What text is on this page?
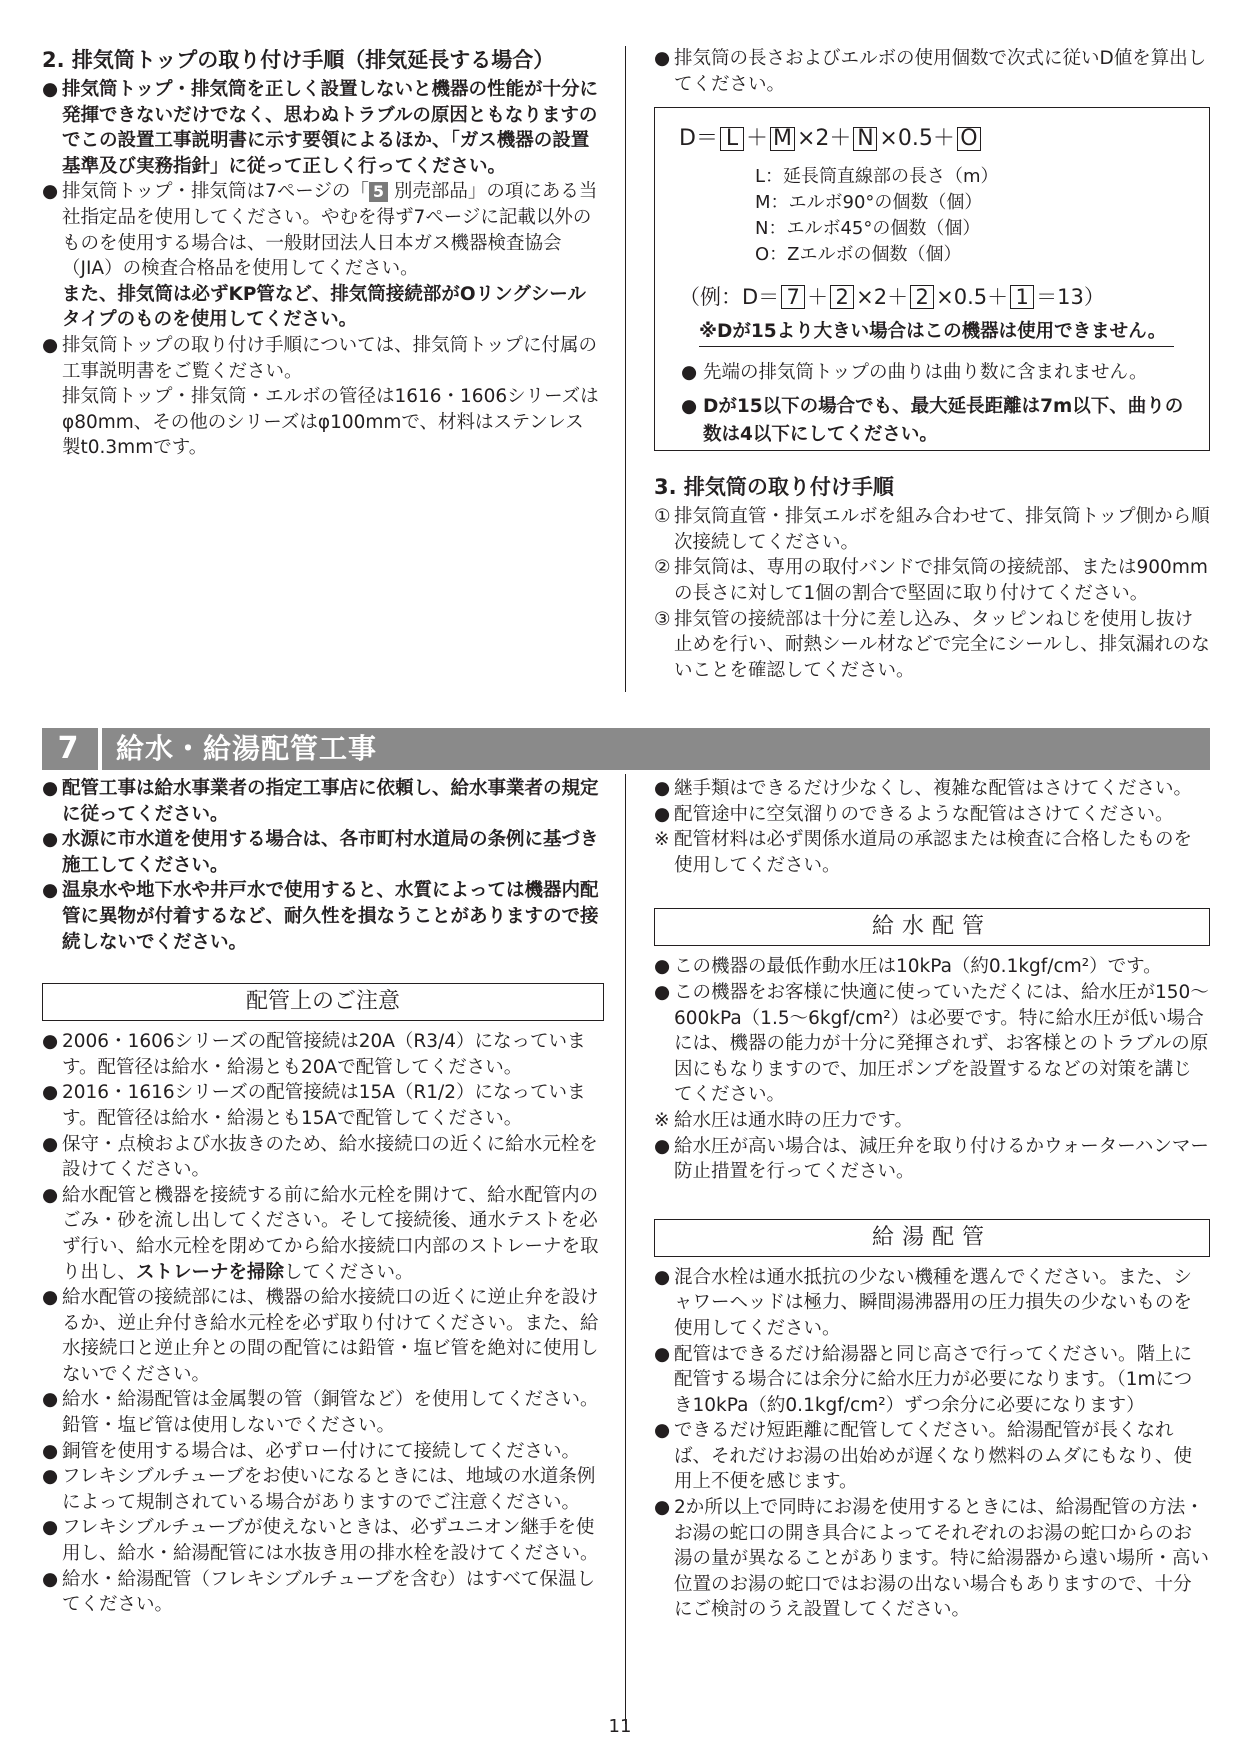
2. 排気筒トップの取り付け手順（排気延長する場合）

● 排気筒トップ・排気筒を正しく設置しないと機器の性能が十分に発揮できないだけでなく、思わぬトラブルの原因ともなりますのでこの設置工事説明書に示す要領によるほか、「ガス機器の設置基準及び実務指針」に従って正しく行ってください。

● 排気筒トップ・排気筒は7ページの「 5 別売部品」の項にある当社指定品を使用してください。やむを得ず7ページに記載以外のものを使用する場合は、一般財団法人日本ガス機器検査協会（JIA）の検査合格品を使用してください。

また、排気筒は必ずKP管など、排気筒接続部がOリングシールタイプのものを使用してください。

● 排気筒トップの取り付け手順については、排気筒トップに付属の工事説明書をご覧ください。

排気筒トップ・排気筒・エルボの管径は1616・1606シリーズはφ80mm、その他のシリーズはφ100mmで、材料はステンレス製t0.3mmです。

● 排気筒の長さおよびエルボの使用個数で次式に従いD値を算出してください。

D＝ L ＋ M ×2＋ N ×0.5＋ O

L：延長筒直線部の長さ（m）

M：エルボ90°の個数（個）

N：エルボ45°の個数（個）

O：Zエルボの個数（個）

（例：D＝ 7 ＋ 2 ×2＋ 2 ×0.5＋ 1 ＝13）
※Dが15より大きい場合はこの機器は使用できません。

● 先端の排気筒トップの曲りは曲り数に含まれません。

● Dが15以下の場合でも、最大延長距離は7m以下、曲りの数は4以下にしてください。

3. 排気筒の取り付け手順

① 排気筒直管・排気エルボを組み合わせて、排気筒トップ側から順次接続してください。

② 排気筒は、専用の取付バンドで排気筒の接続部、または900mmの長さに対して1個の割合で堅固に取り付けてください。

③ 排気管の接続部は十分に差し込み、タッピンねじを使用し抜け止めを行い、耐熱シール材などで完全にシールし、排気漏れのないことを確認してください。

7	給水・給湯配管工事

● 配管工事は給水事業者の指定工事店に依頼し、給水事業者の規定に従ってください。

● 水源に市水道を使用する場合は、各市町村水道局の条例に基づき施工してください。

● 温泉水や地下水や井戸水で使用すると、水質によっては機器内配管に異物が付着するなど、耐久性を損なうことがありますので接続しないでください。

配管上のご注意

● 2006・1606シリーズの配管接続は20A（R3/4）になっています。配管径は給水・給湯とも20Aで配管してください。

● 2016・1616シリーズの配管接続は15A（R1/2）になっています。配管径は給水・給湯とも15Aで配管してください。

● 保守・点検および水抜きのため、給水接続口の近くに給水元栓を設けてください。

● 給水配管と機器を接続する前に給水元栓を開けて、給水配管内のごみ・砂を流し出してください。そして接続後、通水テストを必ず行い、給水元栓を閉めてから給水接続口内部のストレーナを取り出し、ストレーナを掃除してください。

● 給水配管の接続部には、機器の給水接続口の近くに逆止弁を設けるか、逆止弁付き給水元栓を必ず取り付けてください。また、給水接続口と逆止弁との間の配管には鉛管・塩ビ管を絶対に使用しないでください。

● 給水・給湯配管は金属製の管（銅管など）を使用してください。鉛管・塩ビ管は使用しないでください。

● 銅管を使用する場合は、必ずロー付けにて接続してください。

● フレキシブルチューブをお使いになるときには、地域の水道条例によって規制されている場合がありますのでご注意ください。

● フレキシブルチューブが使えないときは、必ずユニオン継手を使用し、給水・給湯配管には水抜き用の排水栓を設けてください。

● 給水・給湯配管（フレキシブルチューブを含む）はすべて保温してください。

● 継手類はできるだけ少なくし、複雑な配管はさけてください。

● 配管途中に空気溜りのできるような配管はさけてください。

※ 配管材料は必ず関係水道局の承認または検査に合格したものを使用してください。

給水配管

● この機器の最低作動水圧は10kPa（約0.1kgf/cm²）です。

● この機器をお客様に快適に使っていただくには、給水圧が150〜600kPa（1.5〜6kgf/cm²）は必要です。特に給水圧が低い場合には、機器の能力が十分に発揮されず、お客様とのトラブルの原因にもなりますので、加圧ポンプを設置するなどの対策を講じてください。

※ 給水圧は通水時の圧力です。

● 給水圧が高い場合は、減圧弁を取り付けるかウォーターハンマー防止措置を行ってください。

給湯配管

● 混合水栓は通水抵抗の少ない機種を選んでください。また、シャワーヘッドは極力、瞬間湯沸器用の圧力損失の少ないものを使用してください。

● 配管はできるだけ給湯器と同じ高さで行ってください。階上に配管する場合には余分に給水圧力が必要になります。（1mにつき10kPa（約0.1kgf/cm²）ずつ余分に必要になります）

● できるだけ短距離に配管してください。給湯配管が長くなれば、それだけお湯の出始めが遅くなり燃料のムダにもなり、使用上不便を感じます。

● 2か所以上で同時にお湯を使用するときには、給湯配管の方法・お湯の蛇口の開き具合によってそれぞれのお湯の蛇口からのお湯の量が異なることがあります。特に給湯器から遠い場所・高い位置のお湯の蛇口ではお湯の出ない場合もありますので、十分にご検討のうえ設置してください。

11
